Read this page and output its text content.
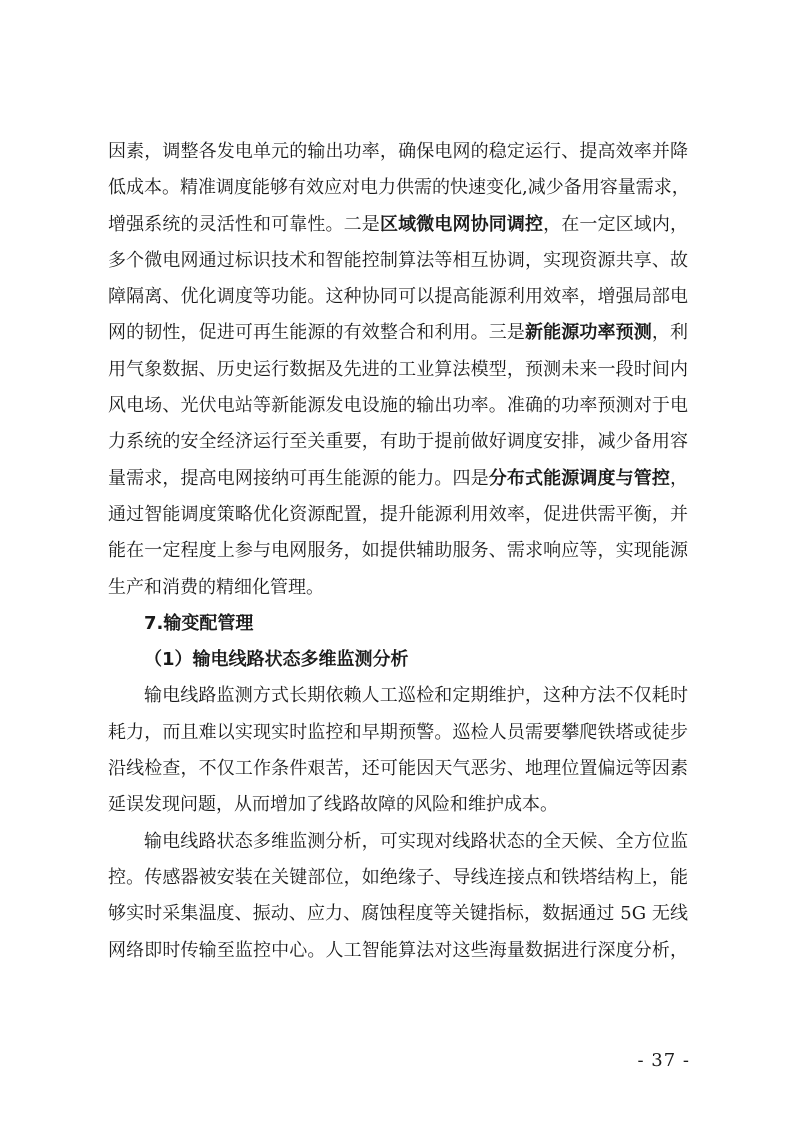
因素，调整各发电单元的输出功率，确保电网的稳定运行、提高效率并降
低成本。精准调度能够有效应对电力供需的快速变化,减少备用容量需求，
增强系统的灵活性和可靠性。二是区域微电网协同调控，在一定区域内，
多个微电网通过标识技术和智能控制算法等相互协调，实现资源共享、故
障隔离、优化调度等功能。这种协同可以提高能源利用效率，增强局部电
网的韧性，促进可再生能源的有效整合和利用。三是新能源功率预测，利
用气象数据、历史运行数据及先进的工业算法模型，预测未来一段时间内
风电场、光伏电站等新能源发电设施的输出功率。准确的功率预测对于电
力系统的安全经济运行至关重要，有助于提前做好调度安排，减少备用容
量需求，提高电网接纳可再生能源的能力。四是分布式能源调度与管控，
通过智能调度策略优化资源配置，提升能源利用效率，促进供需平衡，并
能在一定程度上参与电网服务，如提供辅助服务、需求响应等，实现能源
生产和消费的精细化管理。
7.输变配管理
（1）输电线路状态多维监测分析
输电线路监测方式长期依赖人工巡检和定期维护，这种方法不仅耗时
耗力，而且难以实现实时监控和早期预警。巡检人员需要攀爬铁塔或徒步
沿线检查，不仅工作条件艰苦，还可能因天气恶劣、地理位置偏远等因素
延误发现问题，从而增加了线路故障的风险和维护成本。
输电线路状态多维监测分析，可实现对线路状态的全天候、全方位监
控。传感器被安装在关键部位，如绝缘子、导线连接点和铁塔结构上，能
够实时采集温度、振动、应力、腐蚀程度等关键指标，数据通过 5G 无线
网络即时传输至监控中心。人工智能算法对这些海量数据进行深度分析，
- 37 -
